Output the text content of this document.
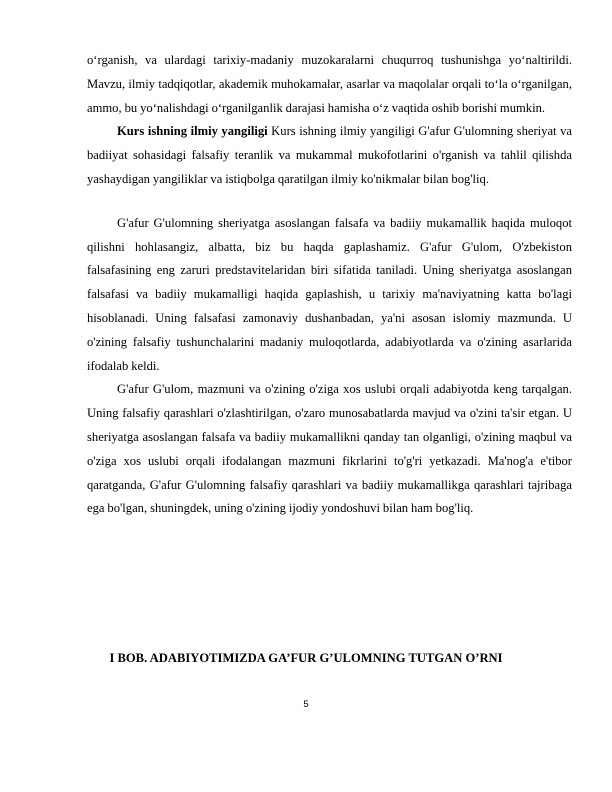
o‘rganish, va ulardagi tarixiy-madaniy muzokaralarni chuqurroq tushunishga yo‘naltirildi. Mavzu, ilmiy tadqiqotlar, akademik muhokamalar, asarlar va maqolalar orqali to‘la o‘rganilgan, ammo, bu yo‘nalishdagi o‘rganilganlik darajasi hamisha o‘z vaqtida oshib borishi mumkin.

Kurs ishning ilmiy yangiligi Kurs ishning ilmiy yangiligi G'afur G'ulomning sheriyat va badiiyat sohasidagi falsafiy teranlik va mukammal mukofotlarini o'rganish va tahlil qilishda yashaydigan yangiliklar va istiqbolga qaratilgan ilmiy ko'nikmalar bilan bog'liq.

G'afur G'ulomning sheriyatga asoslangan falsafa va badiiy mukamallik haqida muloqot qilishni hohlasangiz, albatta, biz bu haqda gaplashamiz. G'afur G'ulom, O'zbekiston falsafasining eng zaruri predstavitelaridan biri sifatida taniladi. Uning sheriyatga asoslangan falsafasi va badiiy mukamalligi haqida gaplashish, u tarixiy ma'naviyatning katta bo'lagi hisoblanadi. Uning falsafasi zamonaviy dushanbadan, ya'ni asosan islomiy mazmunda. U o'zining falsafiy tushunchalarini madaniy muloqotlarda, adabiyotlarda va o'zining asarlarida ifodalab keldi.

G'afur G'ulom, mazmuni va o'zining o'ziga xos uslubi orqali adabiyotda keng tarqalgan. Uning falsafiy qarashlari o'zlashtirilgan, o'zaro munosabatlarda mavjud va o'zini ta'sir etgan. U sheriyatga asoslangan falsafa va badiiy mukamallikni qanday tan olganligi, o'zining maqbul va o'ziga xos uslubi orqali ifodalangan mazmuni fikrlarini to'g'ri yetkazadi. Ma'nog'a e'tibor qaratganda, G'afur G'ulomning falsafiy qarashlari va badiiy mukamallikga qarashlari tajribaga ega bo'lgan, shuningdek, uning o'zining ijodiy yondoshuvi bilan ham bog'liq.

I BOB. ADABIYOTIMIZDA GA’FUR G’ULOMNING TUTGAN O’RNI

5
